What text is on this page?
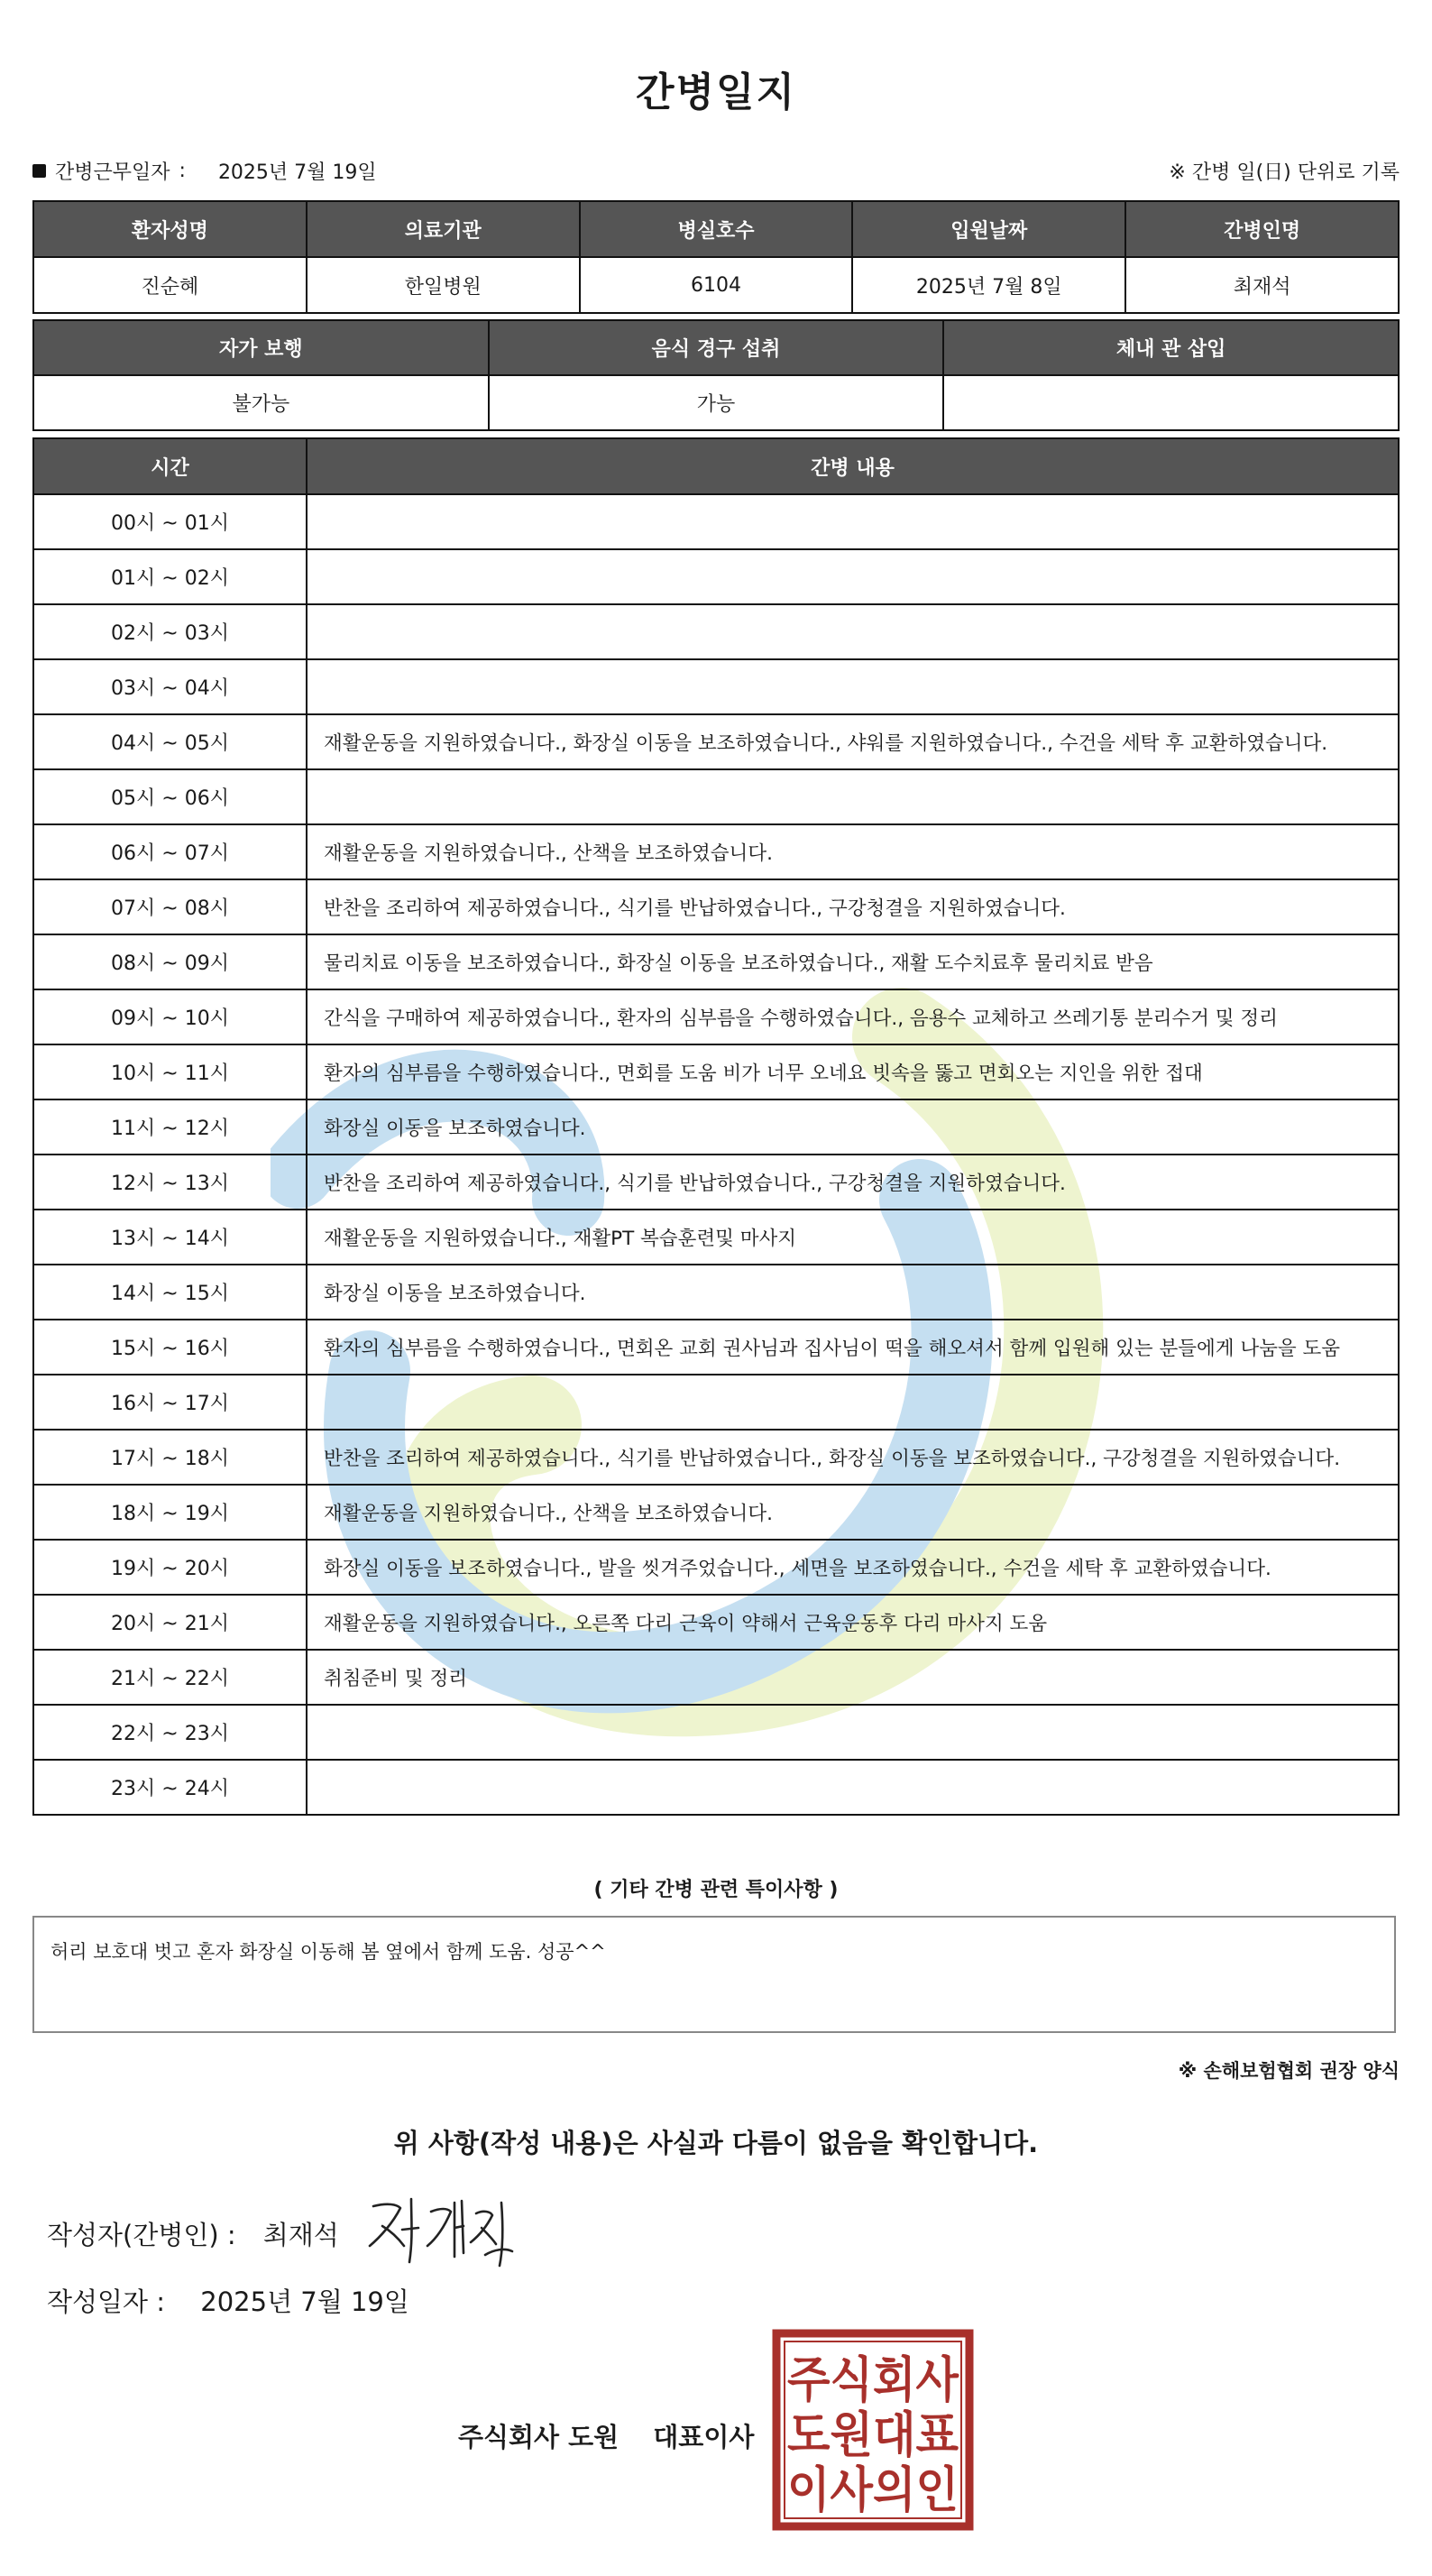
간병일지
간병근무일자 : 2025년 7월 19일	※ 간병 일(日) 단위로 기록
환자성명	의료기관	병실호수	입원날짜	간병인명
진순혜	한일병원	6104	2025년 7월 8일	최재석
자가 보행	음식 경구 섭취	체내 관 삽입
불가능	가능	
시간	간병 내용
00시 ~ 01시	
01시 ~ 02시	
02시 ~ 03시	
03시 ~ 04시	
04시 ~ 05시	재활운동을 지원하였습니다., 화장실 이동을 보조하였습니다., 샤워를 지원하였습니다., 수건을 세탁 후 교환하였습니다.
05시 ~ 06시	
06시 ~ 07시	재활운동을 지원하였습니다., 산책을 보조하였습니다.
07시 ~ 08시	반찬을 조리하여 제공하였습니다., 식기를 반납하였습니다., 구강청결을 지원하였습니다.
08시 ~ 09시	물리치료 이동을 보조하였습니다., 화장실 이동을 보조하였습니다., 재활 도수치료후 물리치료 받음
09시 ~ 10시	간식을 구매하여 제공하였습니다., 환자의 심부름을 수행하였습니다., 음용수 교체하고 쓰레기통 분리수거 및 정리
10시 ~ 11시	환자의 심부름을 수행하였습니다., 면회를 도움 비가 너무 오네요 빗속을 뚫고 면회오는 지인을 위한 접대
11시 ~ 12시	화장실 이동을 보조하였습니다.
12시 ~ 13시	반찬을 조리하여 제공하였습니다., 식기를 반납하였습니다., 구강청결을 지원하였습니다.
13시 ~ 14시	재활운동을 지원하였습니다., 재활PT 복습훈련및 마사지
14시 ~ 15시	화장실 이동을 보조하였습니다.
15시 ~ 16시	환자의 심부름을 수행하였습니다., 면회온 교회 권사님과 집사님이 떡을 해오셔서 함께 입원해 있는 분들에게 나눔을 도움
16시 ~ 17시	
17시 ~ 18시	반찬을 조리하여 제공하였습니다., 식기를 반납하였습니다., 화장실 이동을 보조하였습니다., 구강청결을 지원하였습니다.
18시 ~ 19시	재활운동을 지원하였습니다., 산책을 보조하였습니다.
19시 ~ 20시	화장실 이동을 보조하였습니다., 발을 씻겨주었습니다., 세면을 보조하였습니다., 수건을 세탁 후 교환하였습니다.
20시 ~ 21시	재활운동을 지원하였습니다., 오른쪽 다리 근육이 약해서 근육운동후 다리 마사지 도움
21시 ~ 22시	취침준비 및 정리
22시 ~ 23시	
23시 ~ 24시	
( 기타 간병 관련 특이사항 )
허리 보호대 벗고 혼자 화장실 이동해 봄 옆에서 함께 도움. 성공^^
※ 손해보험협회 권장 양식
위 사항(작성 내용)은 사실과 다름이 없음을 확인합니다.
작성자(간병인) : 최재석
작성일자 : 2025년 7월 19일
주식회사 도원 대표이사
주식회사
도원대표
이사의인
